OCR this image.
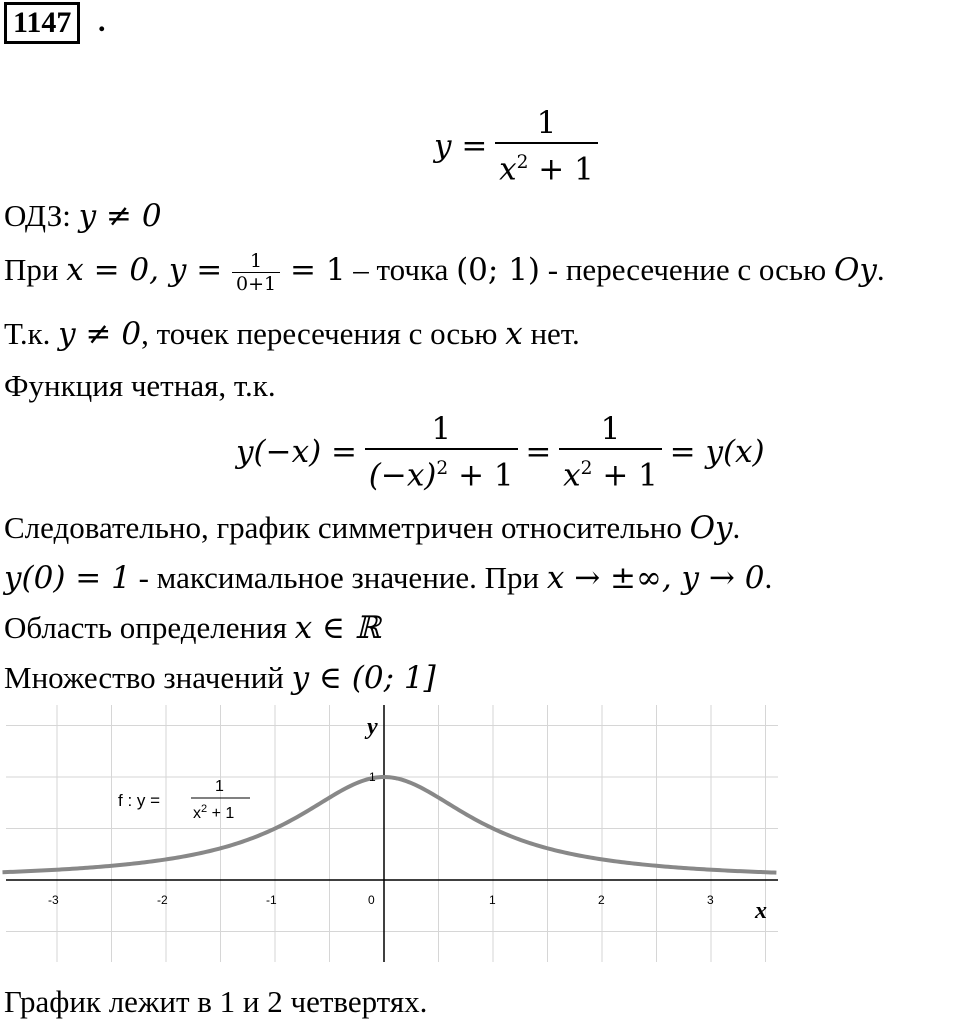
1147 .
$y = \frac{1}{x^2 + 1}$
ОДЗ: y ≠ 0
При x = 0, $y = \frac{1}{0+1} = 1$ – точка (0; 1) - пересечение с осью Oy.
Т.к. y ≠ 0, точек пересечения с осью x нет.
Функция четная, т.к.
$y(-x) = \frac{1}{(-x)^2 + 1} = \frac{1}{x^2 + 1} = y(x)$
Следовательно, график симметричен относительно Oy.
y(0) = 1 - максимальное значение. При x → ±∞, y → 0.
Область определения x ∈ ℝ
Множество значений y ∈ (0; 1]
-3	-2	-1	0	1	2	3
y
x
1
f : y =
1
$x^2 + 1$
График лежит в 1 и 2 четвертях.
